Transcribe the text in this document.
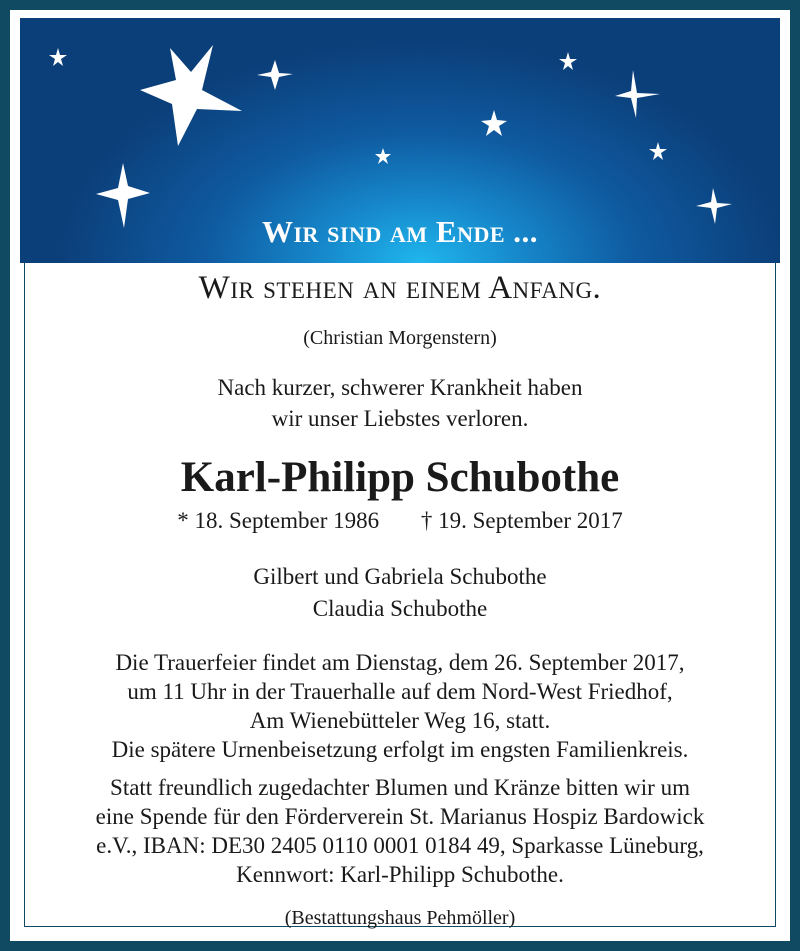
Wir sind am Ende ...
Wir stehen an einem Anfang.
(Christian Morgenstern)
Nach kurzer, schwerer Krankheit haben
wir unser Liebstes verloren.
Karl-Philipp Schubothe
* 18. September 1986 † 19. September 2017
Gilbert und Gabriela Schubothe
Claudia Schubothe
Die Trauerfeier findet am Dienstag, dem 26. September 2017,
um 11 Uhr in der Trauerhalle auf dem Nord-West Friedhof,
Am Wienebütteler Weg 16, statt.
Die spätere Urnenbeisetzung erfolgt im engsten Familienkreis.
Statt freundlich zugedachter Blumen und Kränze bitten wir um
eine Spende für den Förderverein St. Marianus Hospiz Bardowick
e.V., IBAN: DE30 2405 0110 0001 0184 49, Sparkasse Lüneburg,
Kennwort: Karl-Philipp Schubothe.
(Bestattungshaus Pehmöller)
